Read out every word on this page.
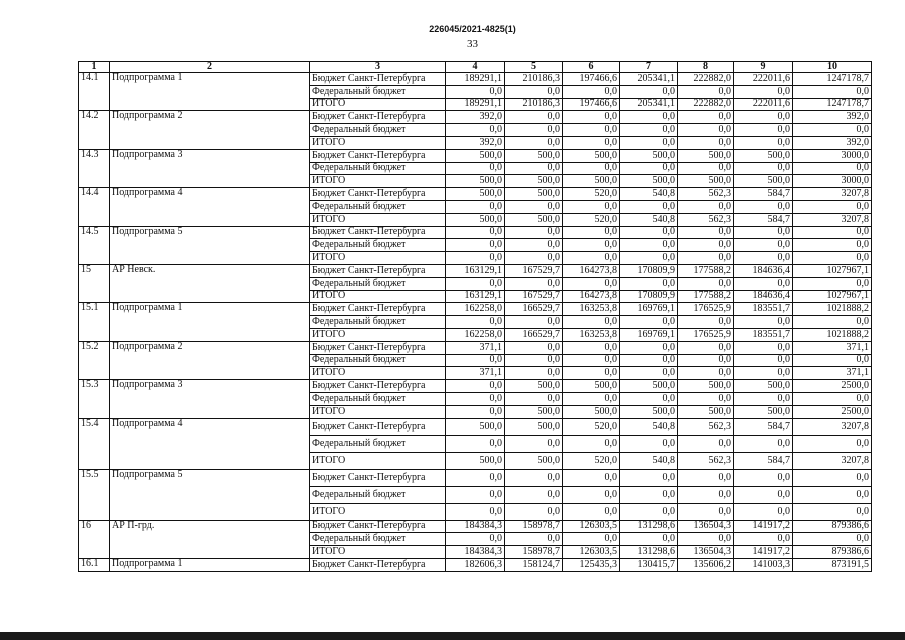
226045/2021-4825(1)
33
1	2	3	4	5	6	7	8	9	10
14.1	Подпрограмма 1	Бюджет Санкт-Петербурга	189291,1	210186,3	197466,6	205341,1	222882,0	222011,6	1247178,7
		Федеральный бюджет	0,0	0,0	0,0	0,0	0,0	0,0	0,0
		ИТОГО	189291,1	210186,3	197466,6	205341,1	222882,0	222011,6	1247178,7
14.2	Подпрограмма 2	Бюджет Санкт-Петербурга	392,0	0,0	0,0	0,0	0,0	0,0	392,0
		Федеральный бюджет	0,0	0,0	0,0	0,0	0,0	0,0	0,0
		ИТОГО	392,0	0,0	0,0	0,0	0,0	0,0	392,0
14.3	Подпрограмма 3	Бюджет Санкт-Петербурга	500,0	500,0	500,0	500,0	500,0	500,0	3000,0
		Федеральный бюджет	0,0	0,0	0,0	0,0	0,0	0,0	0,0
		ИТОГО	500,0	500,0	500,0	500,0	500,0	500,0	3000,0
14.4	Подпрограмма 4	Бюджет Санкт-Петербурга	500,0	500,0	520,0	540,8	562,3	584,7	3207,8
		Федеральный бюджет	0,0	0,0	0,0	0,0	0,0	0,0	0,0
		ИТОГО	500,0	500,0	520,0	540,8	562,3	584,7	3207,8
14.5	Подпрограмма 5	Бюджет Санкт-Петербурга	0,0	0,0	0,0	0,0	0,0	0,0	0,0
		Федеральный бюджет	0,0	0,0	0,0	0,0	0,0	0,0	0,0
		ИТОГО	0,0	0,0	0,0	0,0	0,0	0,0	0,0
15	АР Невск.	Бюджет Санкт-Петербурга	163129,1	167529,7	164273,8	170809,9	177588,2	184636,4	1027967,1
		Федеральный бюджет	0,0	0,0	0,0	0,0	0,0	0,0	0,0
		ИТОГО	163129,1	167529,7	164273,8	170809,9	177588,2	184636,4	1027967,1
15.1	Подпрограмма 1	Бюджет Санкт-Петербурга	162258,0	166529,7	163253,8	169769,1	176525,9	183551,7	1021888,2
		Федеральный бюджет	0,0	0,0	0,0	0,0	0,0	0,0	0,0
		ИТОГО	162258,0	166529,7	163253,8	169769,1	176525,9	183551,7	1021888,2
15.2	Подпрограмма 2	Бюджет Санкт-Петербурга	371,1	0,0	0,0	0,0	0,0	0,0	371,1
		Федеральный бюджет	0,0	0,0	0,0	0,0	0,0	0,0	0,0
		ИТОГО	371,1	0,0	0,0	0,0	0,0	0,0	371,1
15.3	Подпрограмма 3	Бюджет Санкт-Петербурга	0,0	500,0	500,0	500,0	500,0	500,0	2500,0
		Федеральный бюджет	0,0	0,0	0,0	0,0	0,0	0,0	0,0
		ИТОГО	0,0	500,0	500,0	500,0	500,0	500,0	2500,0
15.4	Подпрограмма 4	Бюджет Санкт-Петербурга	500,0	500,0	520,0	540,8	562,3	584,7	3207,8
		Федеральный бюджет	0,0	0,0	0,0	0,0	0,0	0,0	0,0
		ИТОГО	500,0	500,0	520,0	540,8	562,3	584,7	3207,8
15.5	Подпрограмма 5	Бюджет Санкт-Петербурга	0,0	0,0	0,0	0,0	0,0	0,0	0,0
		Федеральный бюджет	0,0	0,0	0,0	0,0	0,0	0,0	0,0
		ИТОГО	0,0	0,0	0,0	0,0	0,0	0,0	0,0
16	АР П-грд.	Бюджет Санкт-Петербурга	184384,3	158978,7	126303,5	131298,6	136504,3	141917,2	879386,6
		Федеральный бюджет	0,0	0,0	0,0	0,0	0,0	0,0	0,0
		ИТОГО	184384,3	158978,7	126303,5	131298,6	136504,3	141917,2	879386,6
16.1	Подпрограмма 1	Бюджет Санкт-Петербурга	182606,3	158124,7	125435,3	130415,7	135606,2	141003,3	873191,5
